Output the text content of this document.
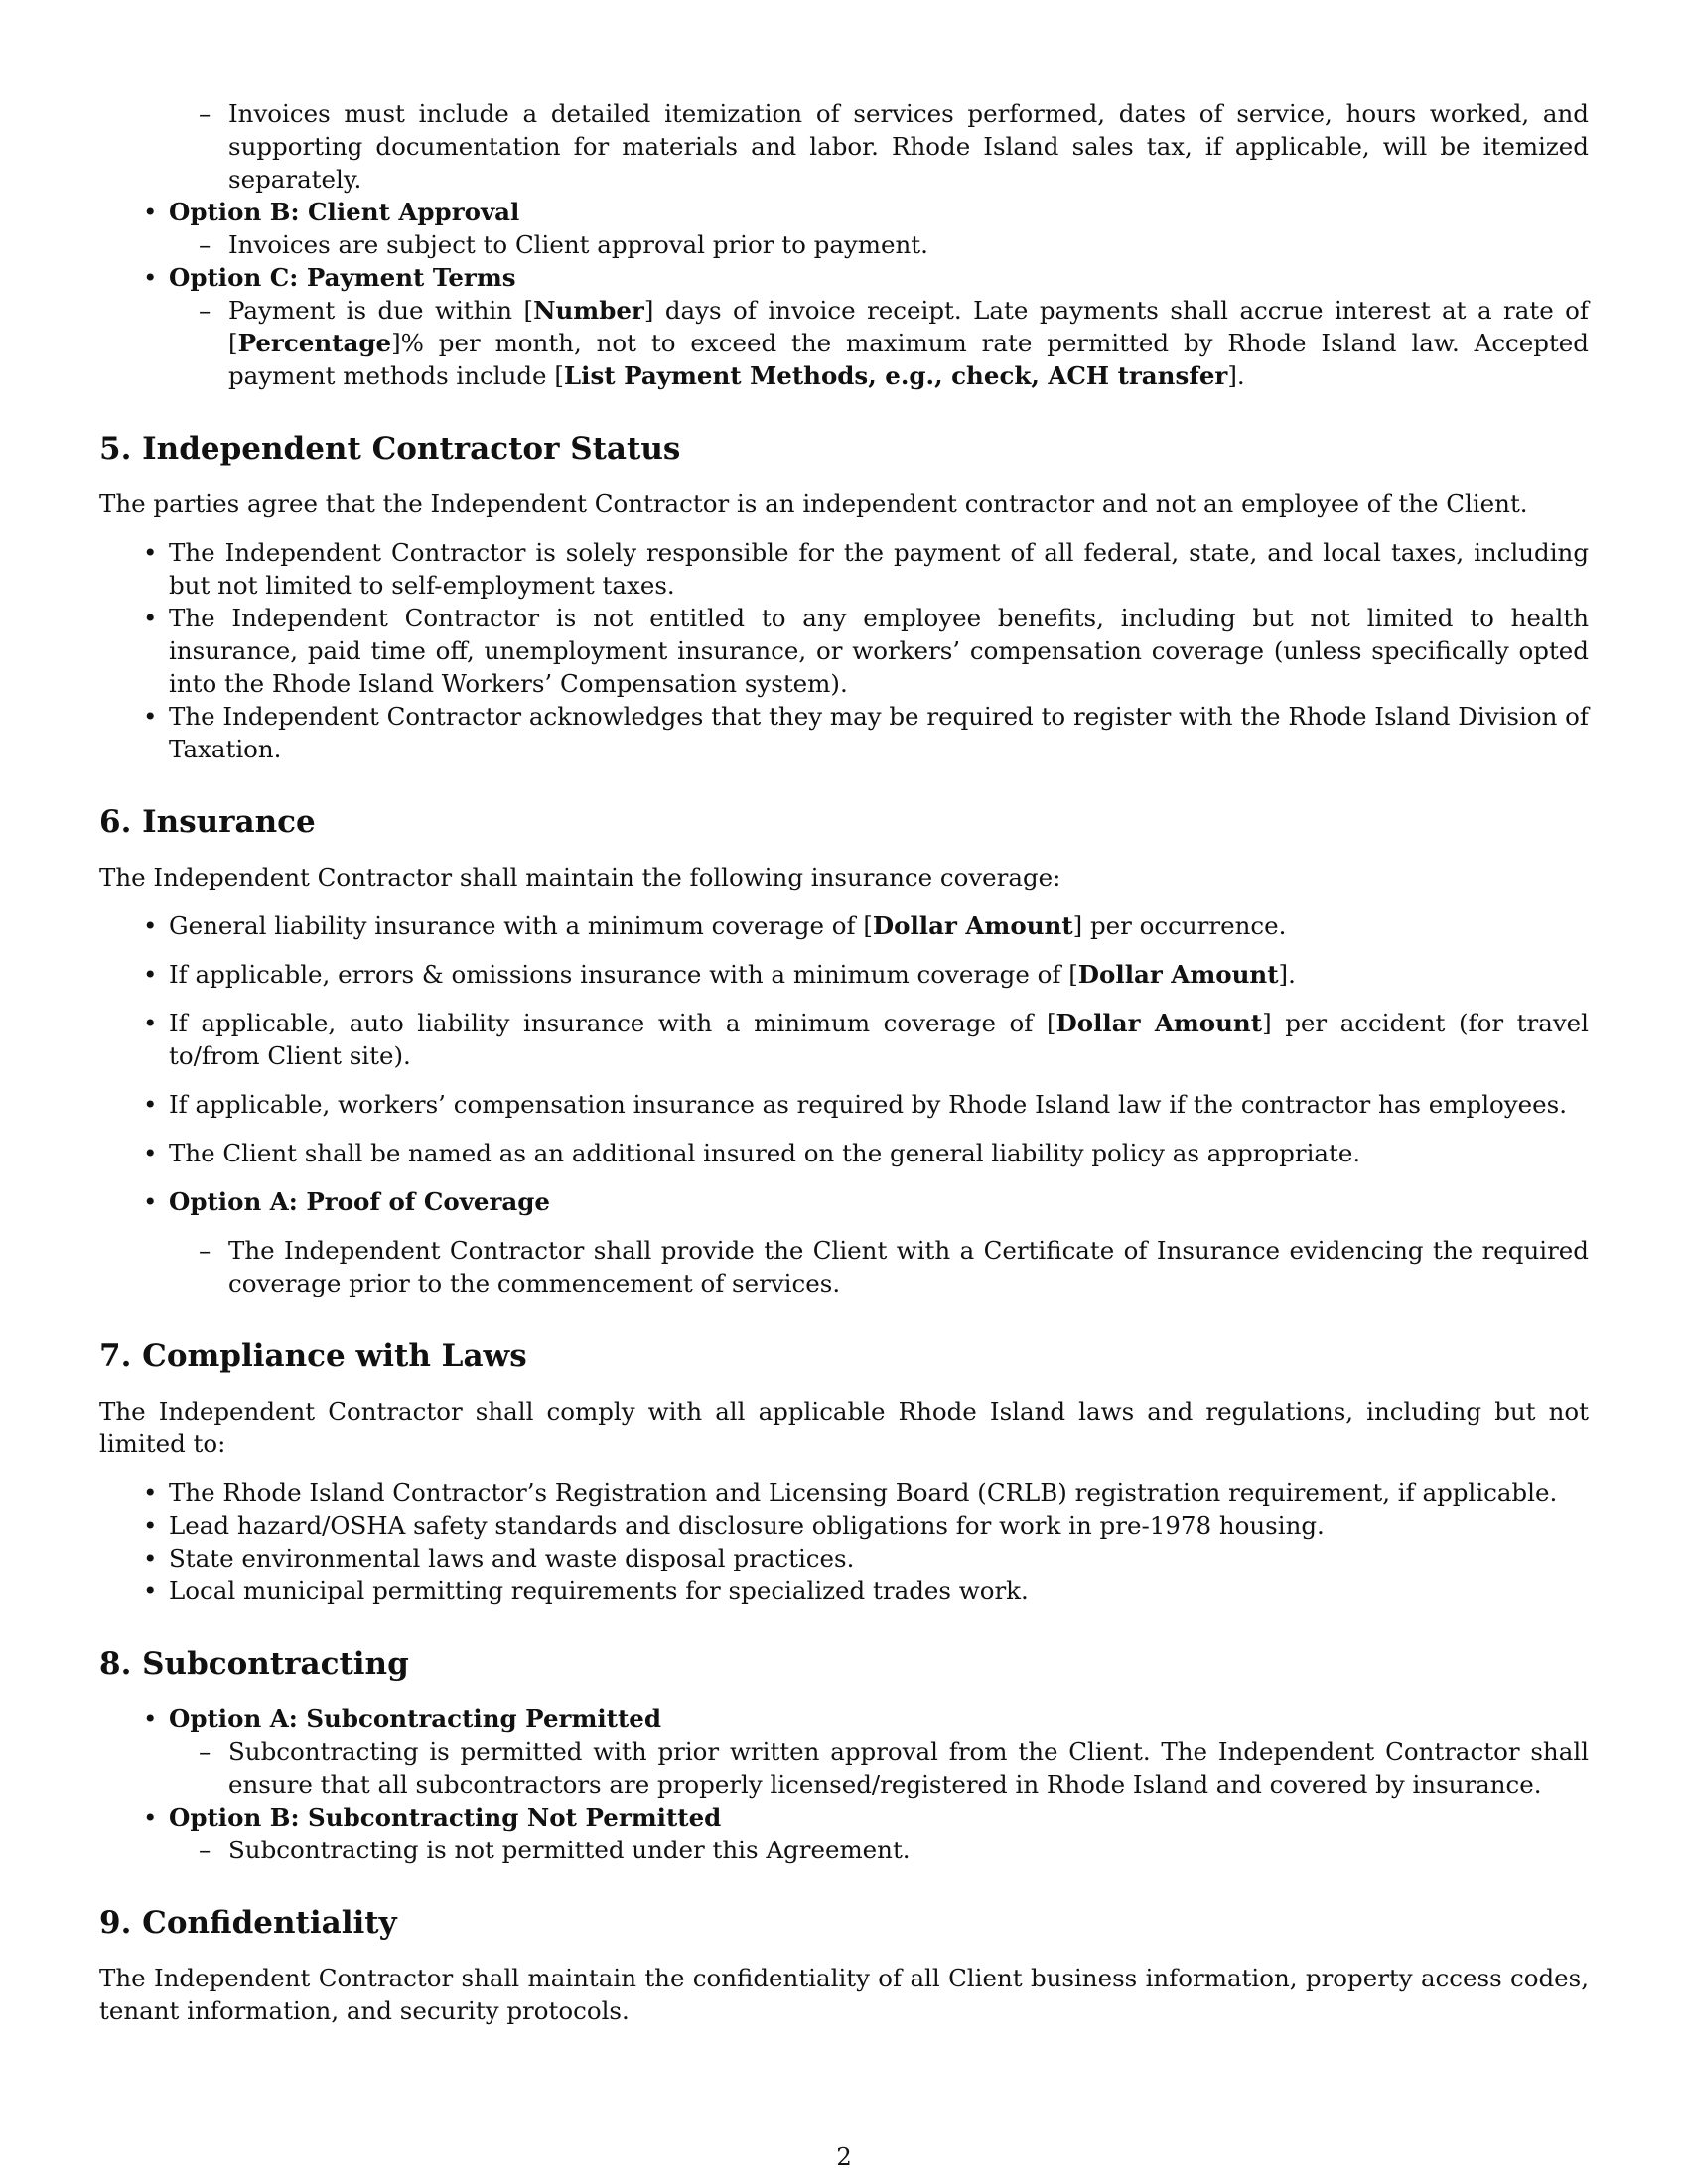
– Invoices must include a detailed itemization of services performed, dates of service, hours worked, and supporting documentation for materials and labor. Rhode Island sales tax, if applicable, will be itemized separately.
• Option B: Client Approval
– Invoices are subject to Client approval prior to payment.
• Option C: Payment Terms
– Payment is due within [Number] days of invoice receipt. Late payments shall accrue interest at a rate of [Percentage]% per month, not to exceed the maximum rate permitted by Rhode Island law. Accepted payment methods include [List Payment Methods, e.g., check, ACH transfer].
5. Independent Contractor Status

The parties agree that the Independent Contractor is an independent contractor and not an employee of the Client.

• The Independent Contractor is solely responsible for the payment of all federal, state, and local taxes, including but not limited to self-employment taxes.
• The Independent Contractor is not entitled to any employee benefits, including but not limited to health insurance, paid time off, unemployment insurance, or workers’ compensation coverage (unless specifically opted into the Rhode Island Workers’ Compensation system).
• The Independent Contractor acknowledges that they may be required to register with the Rhode Island Division of Taxation.
6. Insurance

The Independent Contractor shall maintain the following insurance coverage:

• General liability insurance with a minimum coverage of [Dollar Amount] per occurrence.
• If applicable, errors & omissions insurance with a minimum coverage of [Dollar Amount].
• If applicable, auto liability insurance with a minimum coverage of [Dollar Amount] per accident (for travel to/from Client site).
• If applicable, workers’ compensation insurance as required by Rhode Island law if the contractor has employees.
• The Client shall be named as an additional insured on the general liability policy as appropriate.
• Option A: Proof of Coverage
– The Independent Contractor shall provide the Client with a Certificate of Insurance evidencing the required coverage prior to the commencement of services.
7. Compliance with Laws

The Independent Contractor shall comply with all applicable Rhode Island laws and regulations, including but not limited to:

• The Rhode Island Contractor’s Registration and Licensing Board (CRLB) registration requirement, if applicable.
• Lead hazard/OSHA safety standards and disclosure obligations for work in pre-1978 housing.
• State environmental laws and waste disposal practices.
• Local municipal permitting requirements for specialized trades work.
8. Subcontracting
• Option A: Subcontracting Permitted
– Subcontracting is permitted with prior written approval from the Client. The Independent Contractor shall ensure that all subcontractors are properly licensed/registered in Rhode Island and covered by insurance.
• Option B: Subcontracting Not Permitted
– Subcontracting is not permitted under this Agreement.
9. Confidentiality

The Independent Contractor shall maintain the confidentiality of all Client business information, property access codes, tenant information, and security protocols.

2
